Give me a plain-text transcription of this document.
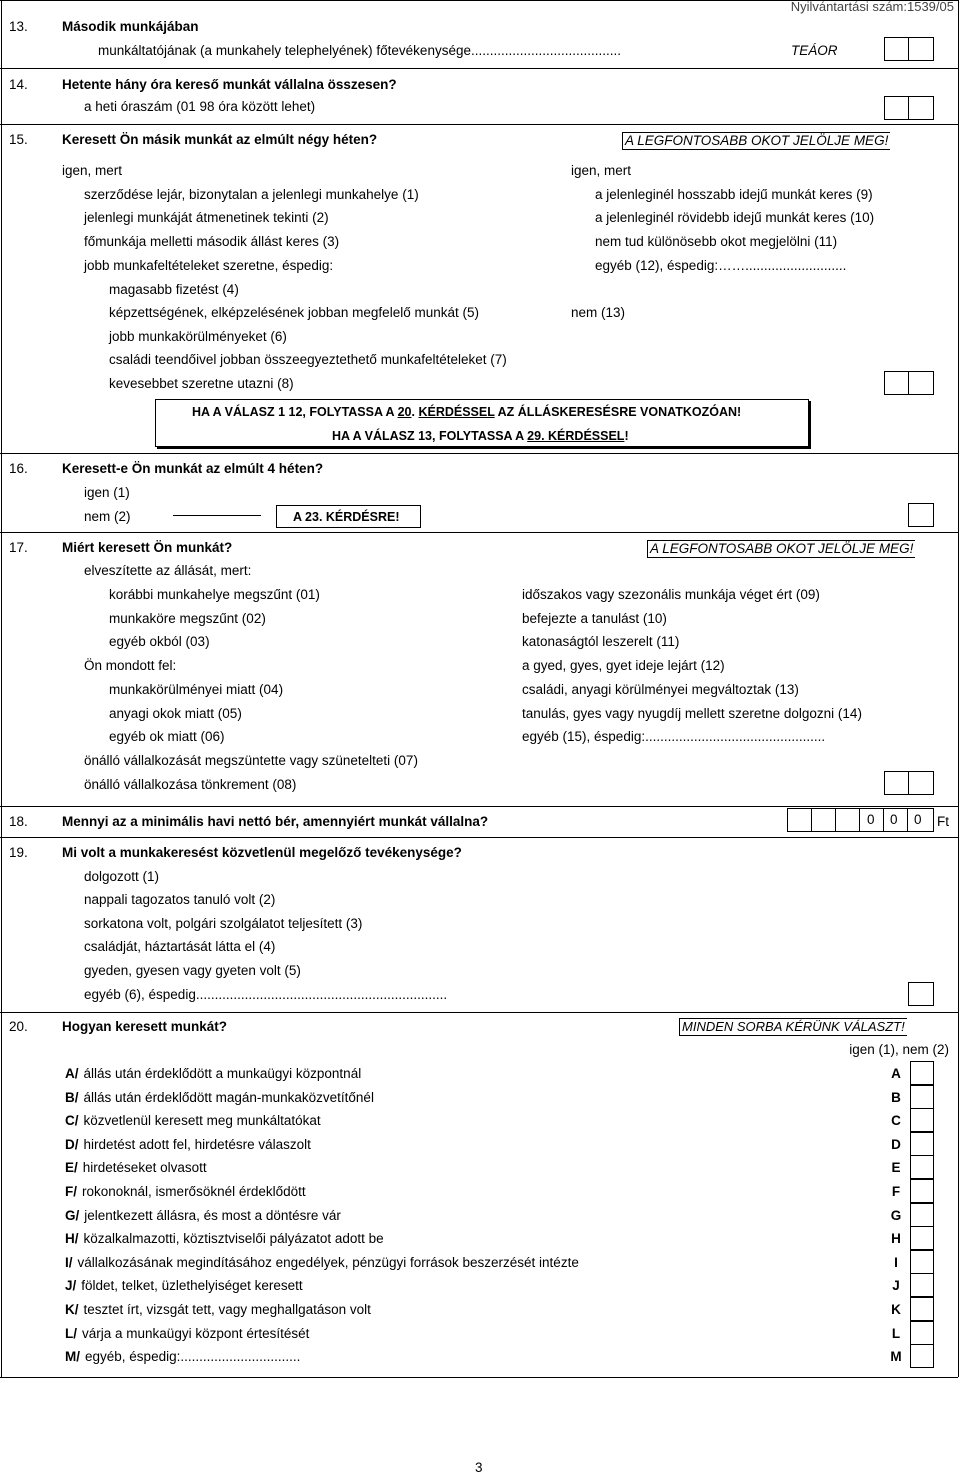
Nyilvántartási szám:1539/05
13.	Második munkájában
munkáltatójának (a munkahely telephelyének) főtevékenysége........................................	TEÁOR
14.	Hetente hány óra kereső munkát vállalna összesen?
a heti óraszám (01 98 óra között lehet)
15.	Keresett Ön másik munkát az elmúlt négy héten?	A LEGFONTOSABB OKOT JELÖLJE MEG!
igen, mert	igen, mert
szerződése lejár, bizonytalan a jelenlegi munkahelye (1)
jelenlegi munkáját átmenetinek tekinti (2)
főmunkája melletti második állást keres (3)
jobb munkafeltételeket szeretne, éspedig:
magasabb fizetést (4)
képzettségének, elképzelésének jobban megfelelő munkát (5)
jobb munkakörülményeket (6)
családi teendőivel jobban összeegyeztethető munkafeltételeket (7)
kevesebbet szeretne utazni (8)
a jelenleginél hosszabb idejű munkát keres (9)
a jelenleginél rövidebb idejű munkát keres (10)
nem tud különösebb okot megjelölni (11)
egyéb (12), éspedig:……...........................
nem (13)
HA A VÁLASZ 1 12, FOLYTASSA A 20. KÉRDÉSSEL AZ ÁLLÁSKERESÉSRE VONATKOZÓAN!
HA A VÁLASZ 13, FOLYTASSA A 29. KÉRDÉSSEL!
16.	Keresett-e Ön munkát az elmúlt 4 héten?
igen (1)
nem (2)	A 23. KÉRDÉSRE!
17.	Miért keresett Ön munkát?	A LEGFONTOSABB OKOT JELÖLJE MEG!
elveszítette az állását, mert:
korábbi munkahelye megszűnt (01)
munkaköre megszűnt (02)
egyéb okból (03)
Ön mondott fel:
munkakörülményei miatt (04)
anyagi okok miatt (05)
egyéb ok miatt (06)
önálló vállalkozását megszüntette vagy szünetelteti (07)
önálló vállalkozása tönkrement (08)
időszakos vagy szezonális munkája véget ért (09)
befejezte a tanulást (10)
katonaságtól leszerelt (11)
a gyed, gyes, gyet ideje lejárt (12)
családi, anyagi körülményei megváltoztak (13)
tanulás, gyes vagy nyugdíj mellett szeretne dolgozni (14)
egyéb (15), éspedig:................................................
18.	Mennyi az a minimális havi nettó bér, amennyiért munkát vállalna?	0 0 0 Ft
19.	Mi volt a munkakeresést közvetlenül megelőző tevékenysége?
dolgozott (1)
nappali tagozatos tanuló volt (2)
sorkatona volt, polgári szolgálatot teljesített (3)
családját, háztartását látta el (4)
gyeden, gyesen vagy gyeten volt (5)
egyéb (6), éspedig...................................................................
20.	Hogyan keresett munkát?	MINDEN SORBA KÉRÜNK VÁLASZT!
igen (1), nem (2)
A/ állás után érdeklődött a munkaügyi központnál	A
B/ állás után érdeklődött magán-munkaközvetítőnél	B
C/ közvetlenül keresett meg munkáltatókat	C
D/ hirdetést adott fel, hirdetésre válaszolt	D
E/ hirdetéseket olvasott	E
F/ rokonoknál, ismerősöknél érdeklődött	F
G/ jelentkezett állásra, és most a döntésre vár	G
H/ közalkalmazotti, köztisztviselői pályázatot adott be	H
I/ vállalkozásának megindításához engedélyek, pénzügyi források beszerzését intézte	I
J/ földet, telket, üzlethelyiséget keresett	J
K/ tesztet írt, vizsgát tett, vagy meghallgatáson volt	K
L/ várja a munkaügyi központ értesítését	L
M/ egyéb, éspedig:................................	M
3
